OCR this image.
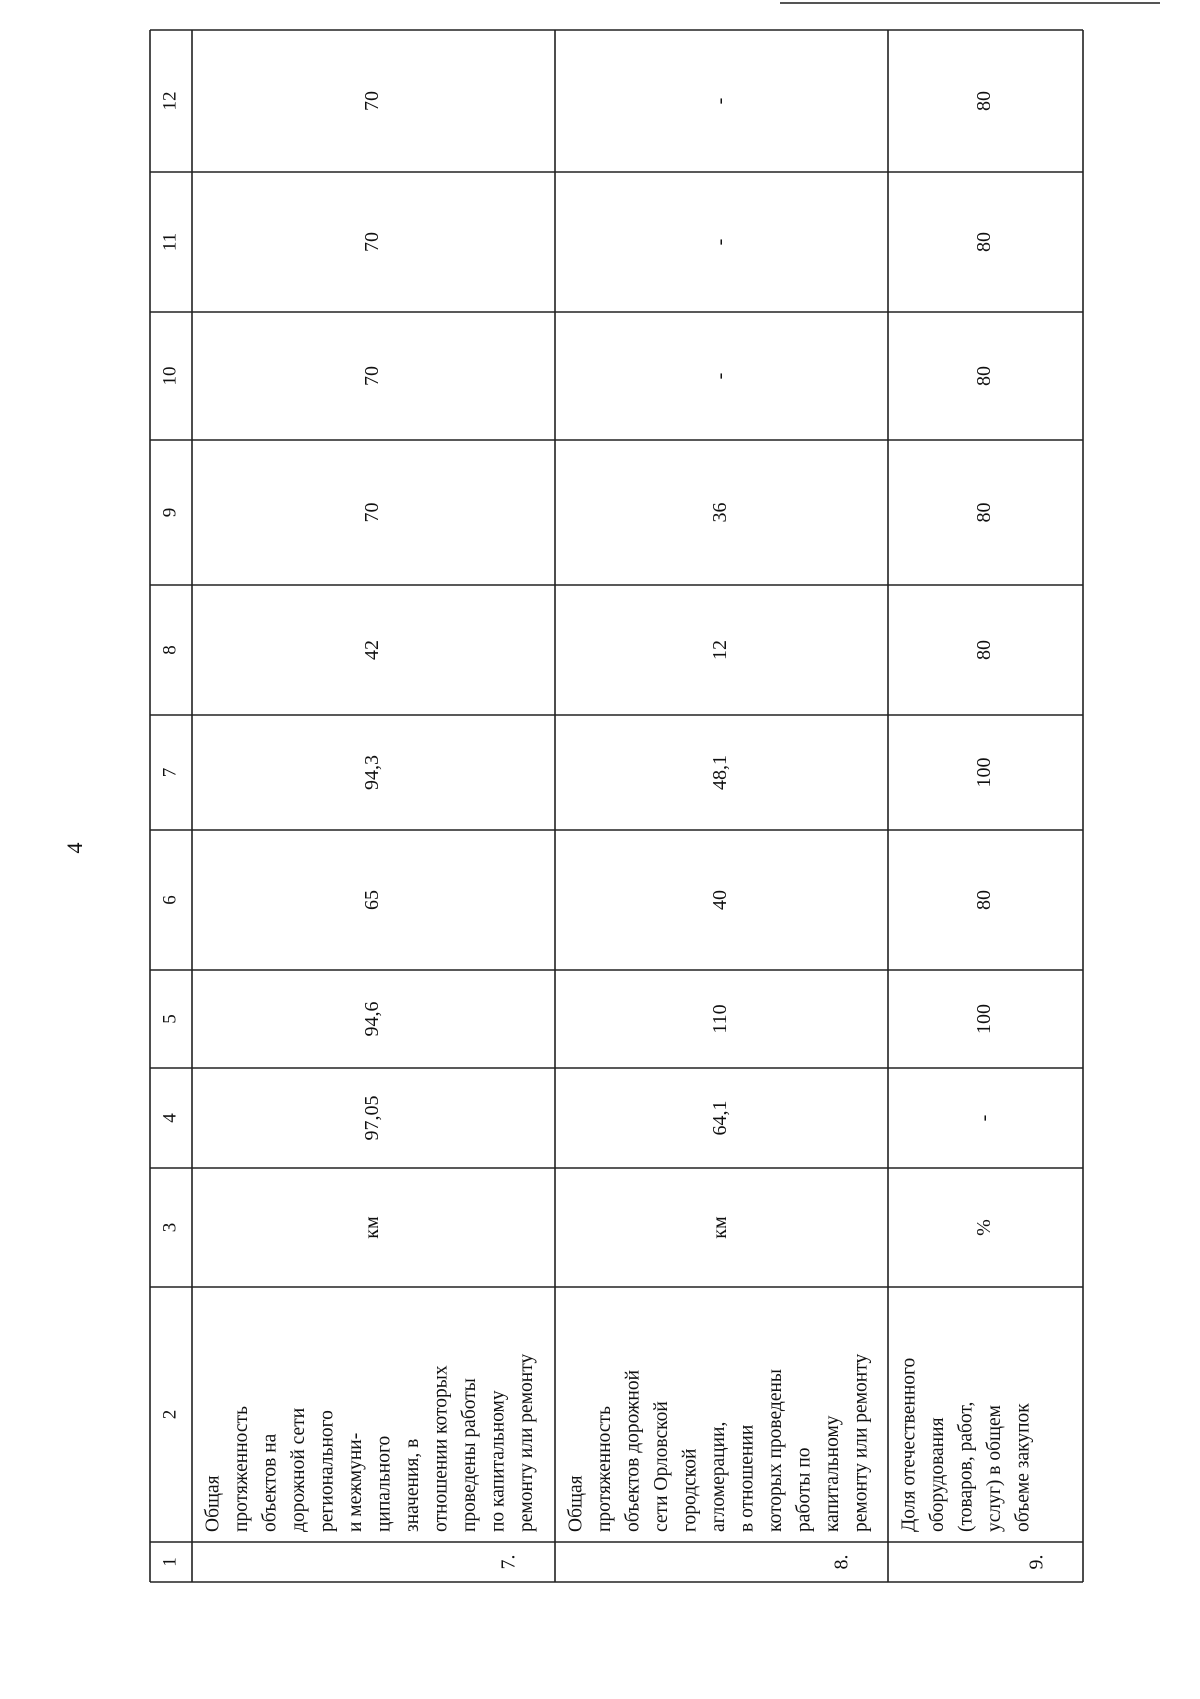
4
1
2
3
4
5
6
7
8
9
10
11
12
7.
Общая протяженность объектов на дорожной сети регионального и межмуни- ципального значения, в отношении которых проведены работы по капитальному ремонту или ремонту
км
97,05
94,6
65
94,3
42
70
70
70
70
8.
Общая протяженность объектов дорожной сети Орловской городской агломерации, в отношении которых проведены работы по капитальному ремонту или ремонту
км
64,1
110
40
48,1
12
36
-
-
-
9.
Доля отечественного оборудования (товаров, работ, услуг) в общем объеме закупок
%
-
100
80
100
80
80
80
80
80
